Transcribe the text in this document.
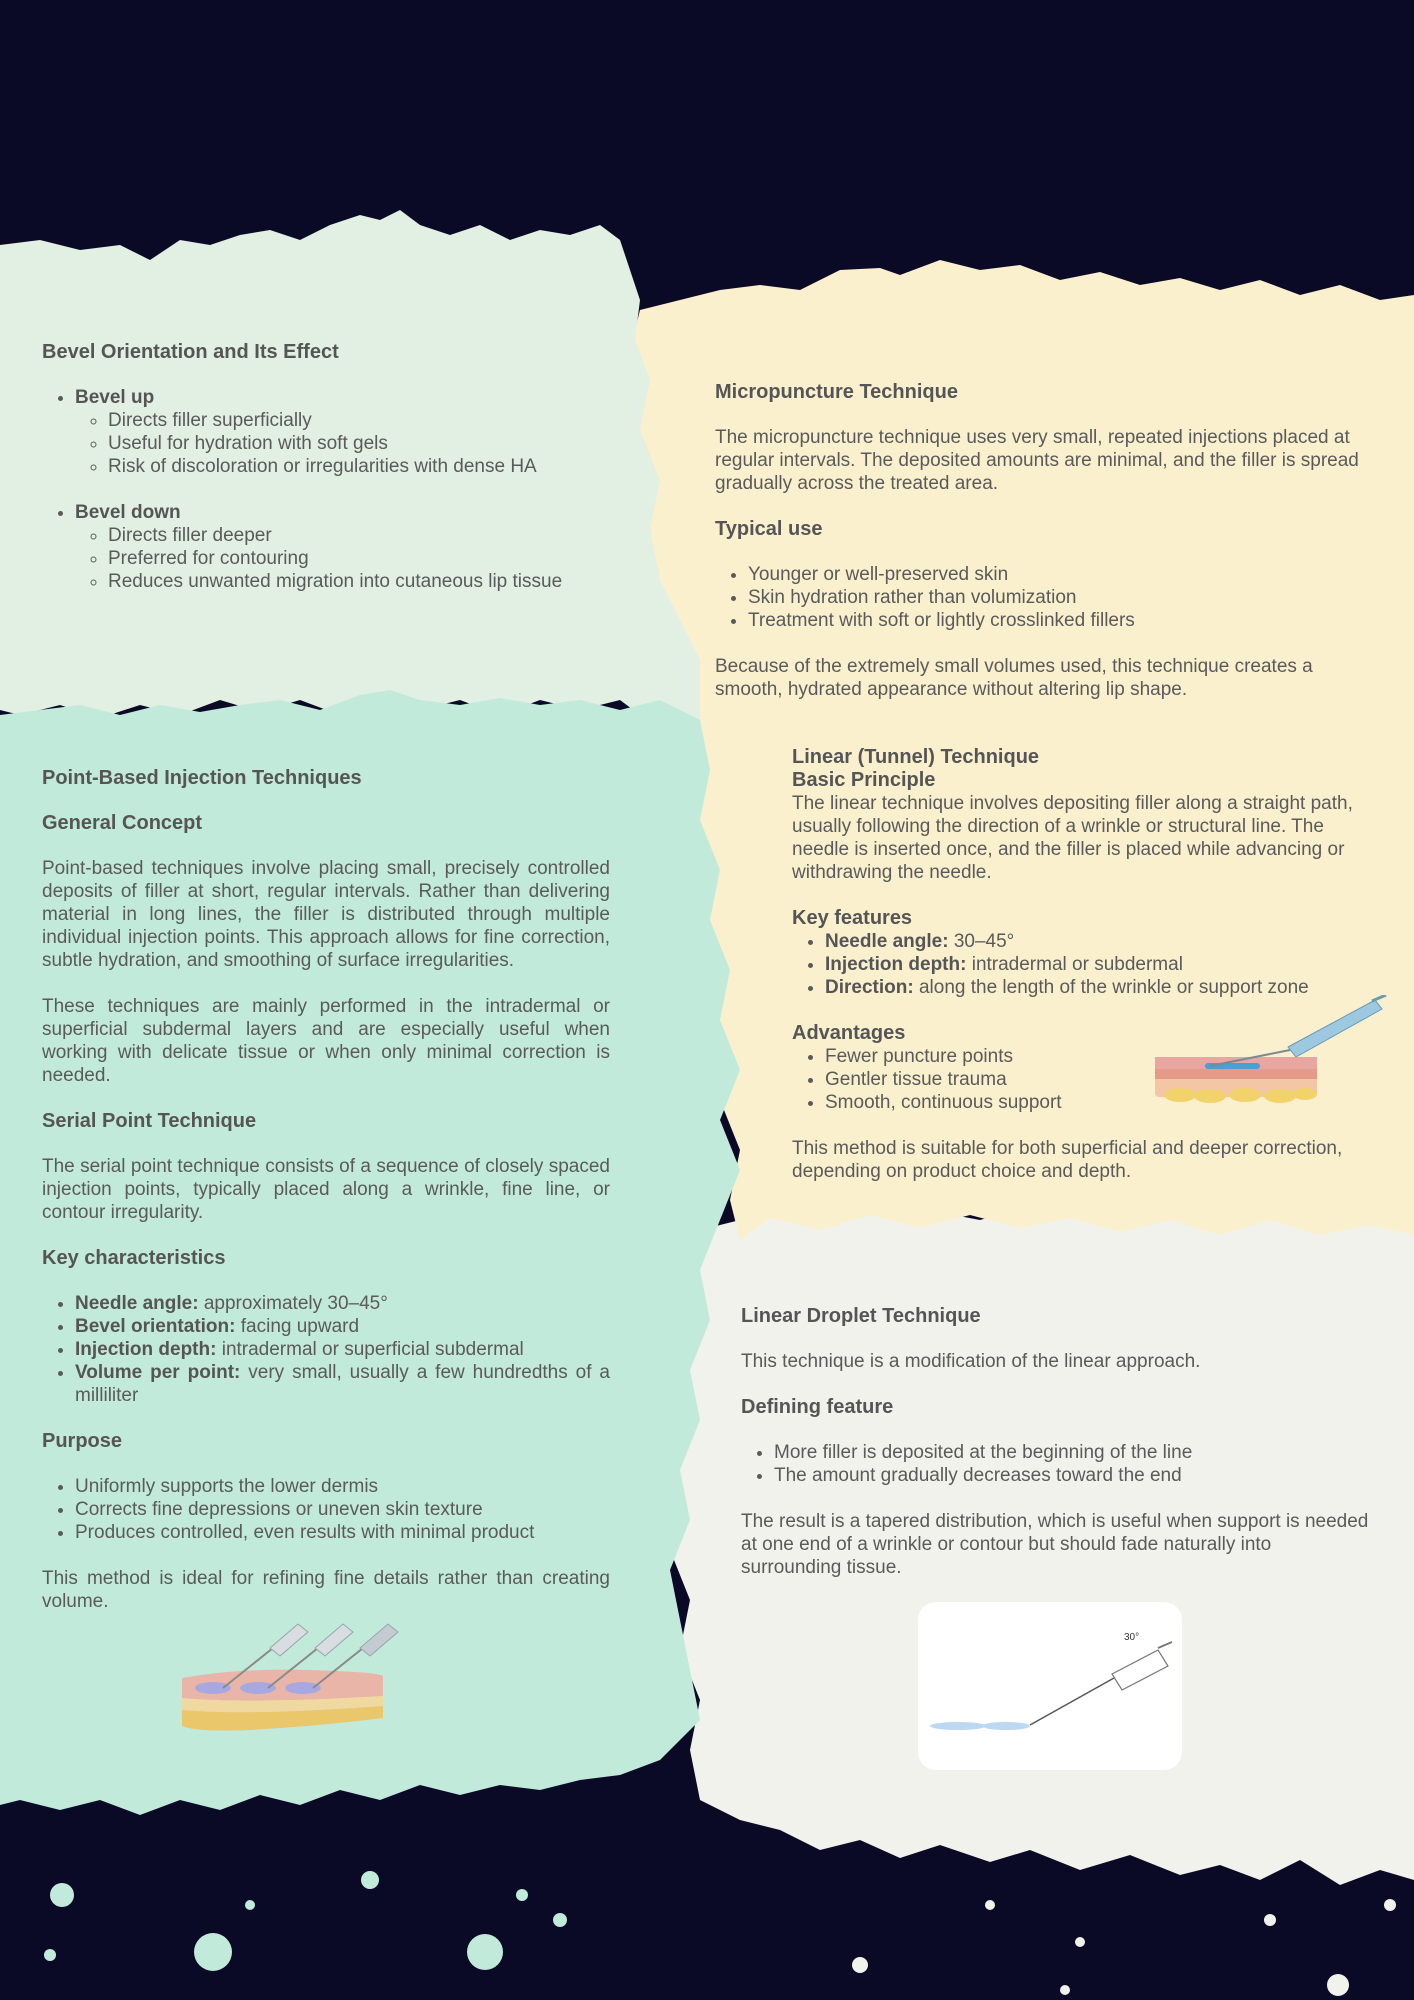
Bevel Orientation and Its Effect
• Bevel up
◦ Directs filler superficially
◦ Useful for hydration with soft gels
◦ Risk of discoloration or irregularities with dense HA
• Bevel down
◦ Directs filler deeper
◦ Preferred for contouring
◦ Reduces unwanted migration into cutaneous lip tissue
Micropuncture Technique

The micropuncture technique uses very small, repeated injections placed at regular intervals. The deposited amounts are minimal, and the filler is spread gradually across the treated area.

Typical use
• Younger or well-preserved skin
• Skin hydration rather than volumization
• Treatment with soft or lightly crosslinked fillers

Because of the extremely small volumes used, this technique creates a smooth, hydrated appearance without altering lip shape.

Linear (Tunnel) Technique
Basic Principle

The linear technique involves depositing filler along a straight path, usually following the direction of a wrinkle or structural line. The needle is inserted once, and the filler is placed while advancing or withdrawing the needle.

Key features
• Needle angle: 30–45°
• Injection depth: intradermal or subdermal
• Direction: along the length of the wrinkle or support zone
Advantages
• Fewer puncture points
• Gentler tissue trauma
• Smooth, continuous support

This method is suitable for both superficial and deeper correction, depending on product choice and depth.

Point-Based Injection Techniques
General Concept

Point-based techniques involve placing small, precisely controlled deposits of filler at short, regular intervals. Rather than delivering material in long lines, the filler is distributed through multiple individual injection points. This approach allows for fine correction, subtle hydration, and smoothing of surface irregularities.

These techniques are mainly performed in the intradermal or superficial subdermal layers and are especially useful when working with delicate tissue or when only minimal correction is needed.

Serial Point Technique

The serial point technique consists of a sequence of closely spaced injection points, typically placed along a wrinkle, fine line, or contour irregularity.

Key characteristics
• Needle angle: approximately 30–45°
• Bevel orientation: facing upward
• Injection depth: intradermal or superficial subdermal
• Volume per point: very small, usually a few hundredths of a milliliter
Purpose
• Uniformly supports the lower dermis
• Corrects fine depressions or uneven skin texture
• Produces controlled, even results with minimal product

This method is ideal for refining fine details rather than creating volume.

Linear Droplet Technique

This technique is a modification of the linear approach.

Defining feature
• More filler is deposited at the beginning of the line
• The amount gradually decreases toward the end

The result is a tapered distribution, which is useful when support is needed at one end of a wrinkle or contour but should fade naturally into surrounding tissue.

30°
